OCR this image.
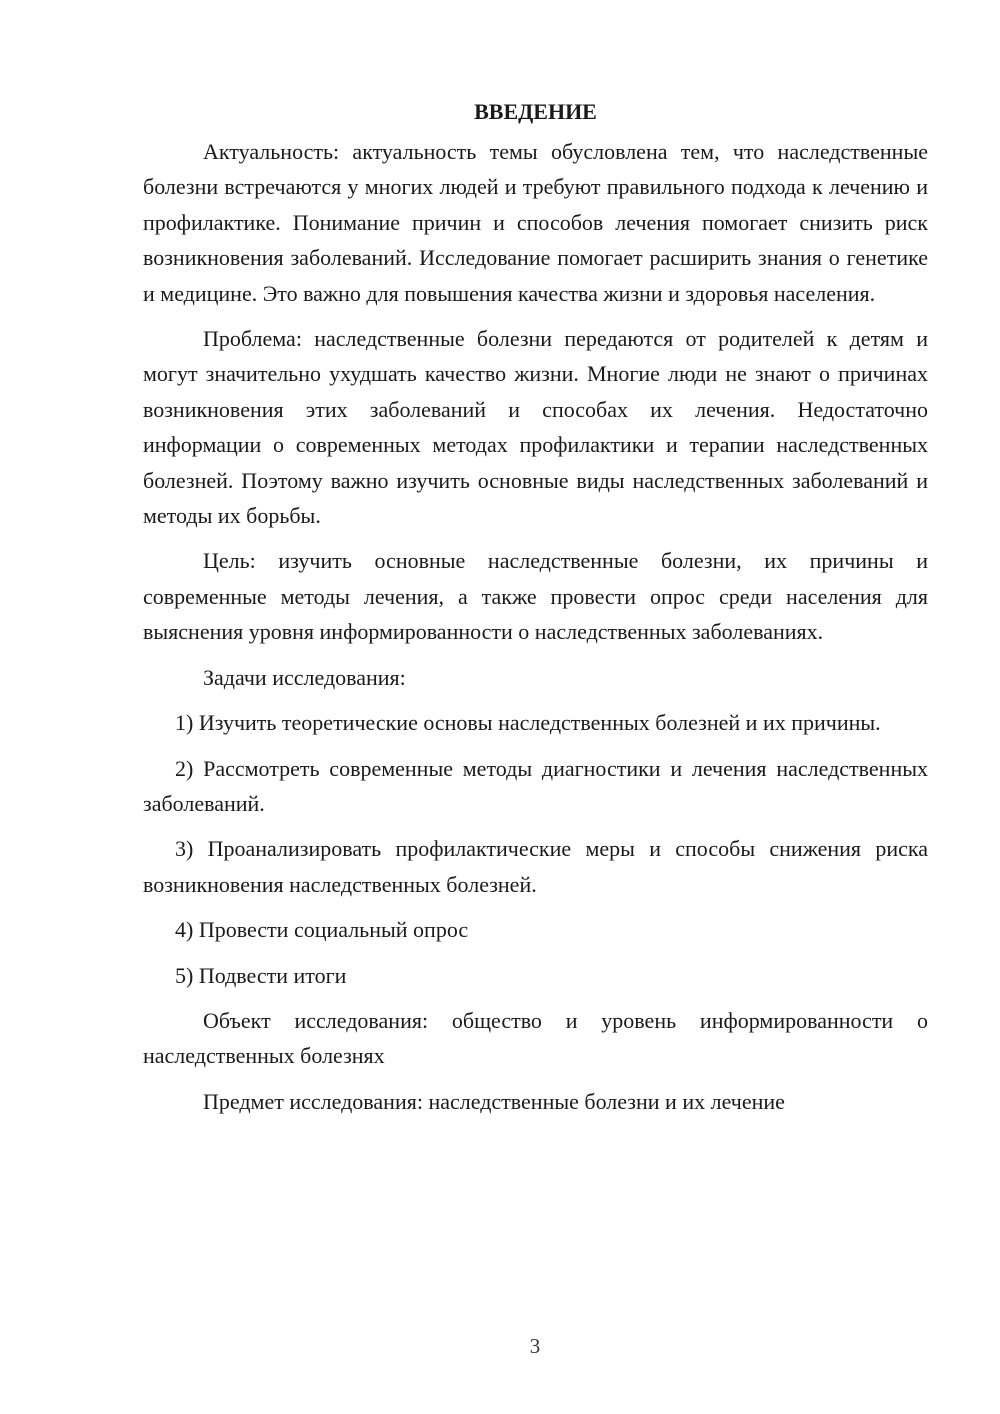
ВВЕДЕНИЕ

Актуальность: актуальность темы обусловлена тем, что наследственные болезни встречаются у многих людей и требуют правильного подхода к лечению и профилактике. Понимание причин и способов лечения помогает снизить риск возникновения заболеваний. Исследование помогает расширить знания о генетике и медицине. Это важно для повышения качества жизни и здоровья населения.

Проблема: наследственные болезни передаются от родителей к детям и могут значительно ухудшать качество жизни. Многие люди не знают о причинах возникновения этих заболеваний и способах их лечения. Недостаточно информации о современных методах профилактики и терапии наследственных болезней. Поэтому важно изучить основные виды наследственных заболеваний и методы их борьбы.

Цель: изучить основные наследственные болезни, их причины и современные методы лечения, а также провести опрос среди населения для выяснения уровня информированности о наследственных заболеваниях.

Задачи исследования:

1) Изучить теоретические основы наследственных болезней и их причины.

2) Рассмотреть современные методы диагностики и лечения наследственных заболеваний.

3) Проанализировать профилактические меры и способы снижения риска возникновения наследственных болезней.

4) Провести социальный опрос

5) Подвести итоги

Объект исследования: общество и уровень информированности о наследственных болезнях

Предмет исследования: наследственные болезни и их лечение

3
